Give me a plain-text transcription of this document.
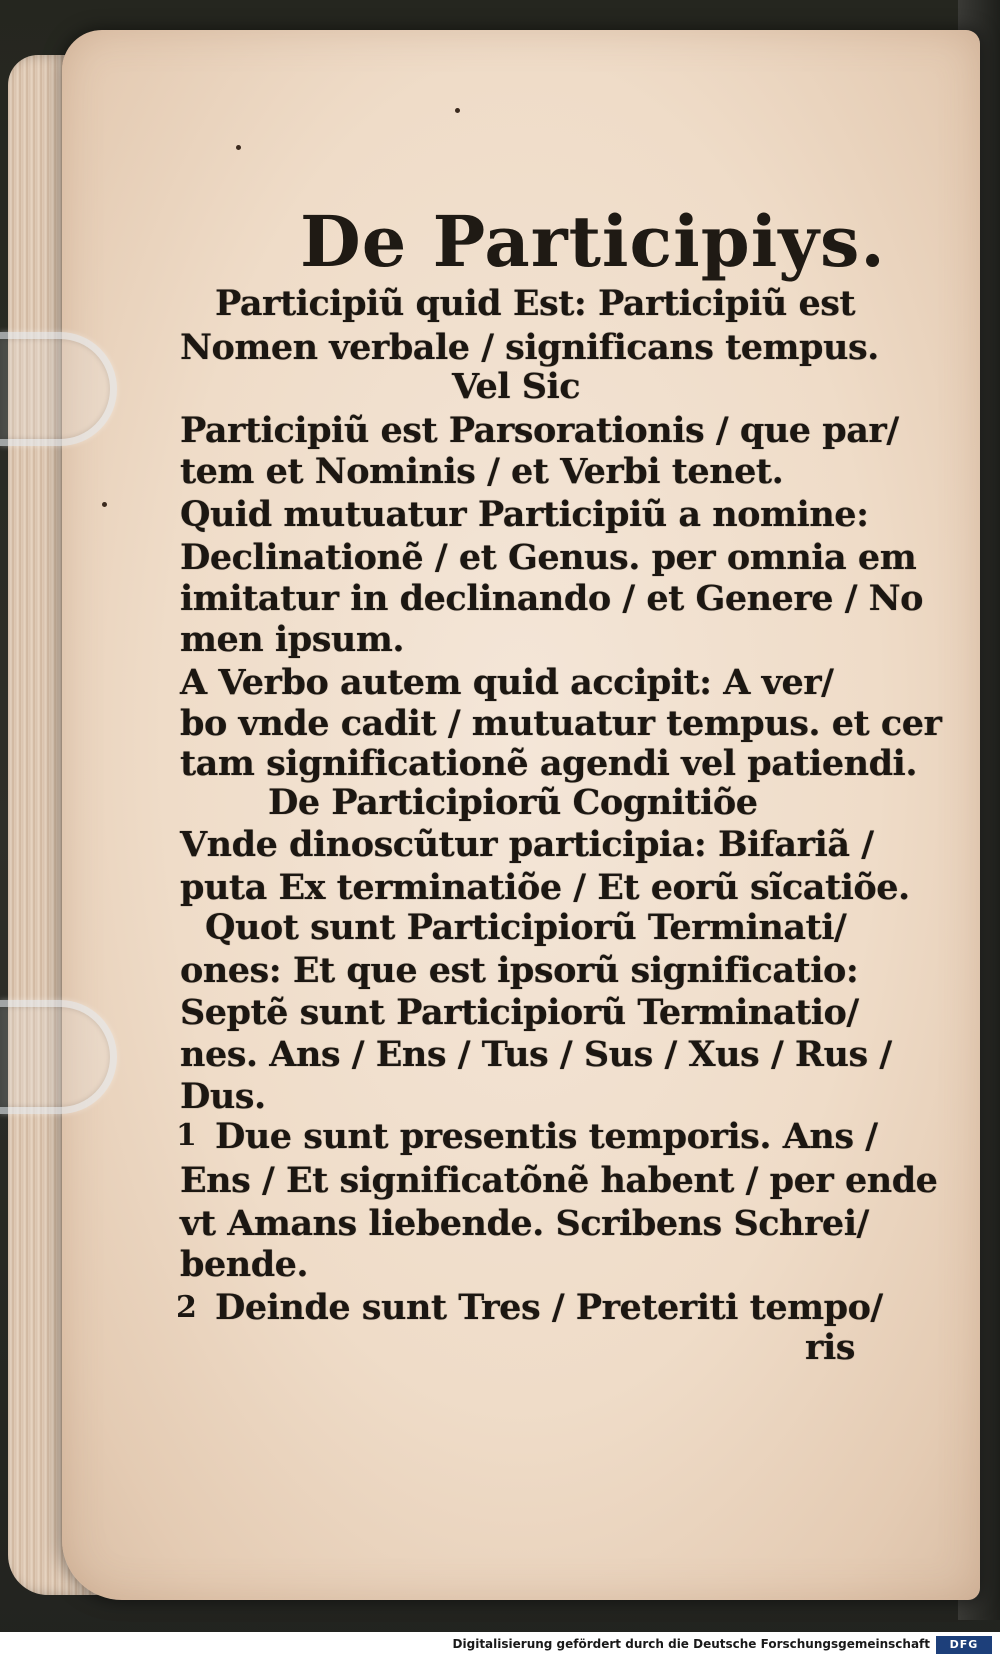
De Participiys.
Participiũ quid Est: Participiũ est
Nomen verbale / significans tempus.
Vel Sic
Participiũ est Parsorationis / que par/
tem et Nominis / et Verbi tenet.
Quid mutuatur Participiũ a nomine:
Declinationẽ / et Genus. per omnia em
imitatur in declinando / et Genere / No
men ipsum.
A Verbo autem quid accipit: A ver/
bo vnde cadit / mutuatur tempus. et cer
tam significationẽ agendi vel patiendi.
De Participiorũ Cognitiõe
Vnde dinoscũtur participia: Bifariã /
puta Ex terminatiõe / Et eorũ sĩcatiõe.
Quot sunt Participiorũ Terminati/
ones: Et que est ipsorũ significatio:
Septẽ sunt Participiorũ Terminatio/
nes. Ans / Ens / Tus / Sus / Xus / Rus /
Dus.
1 Due sunt presentis temporis. Ans /
Ens / Et significatõnẽ habent / per ende
vt Amans liebende. Scribens Schrei/
bende.
2 Deinde sunt Tres / Preteriti tempo/
ris
Digitalisierung gefördert durch die Deutsche Forschungsgemeinschaft	DFG
